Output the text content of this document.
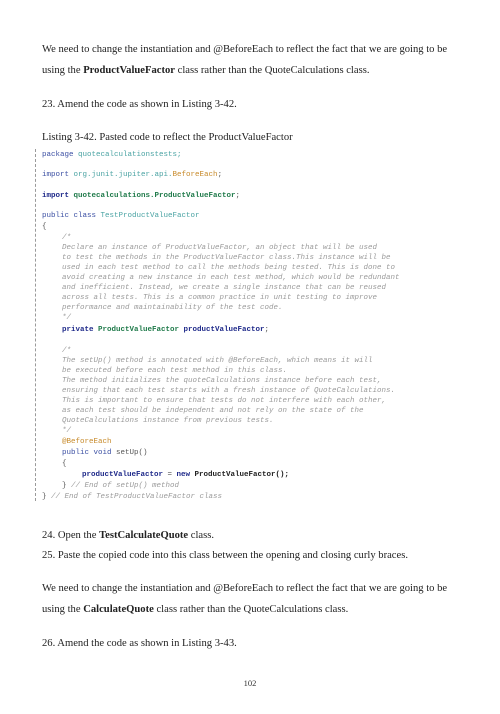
We need to change the instantiation and @BeforeEach to reflect the fact that we are going to be using the ProductValueFactor class rather than the QuoteCalculations class.

23. Amend the code as shown in Listing 3-42.

Listing 3-42. Pasted code to reflect the ProductValueFactor

package quotecalculationstests;
import org.junit.jupiter.api.BeforeEach;
import quotecalculations.ProductValueFactor;
public class TestProductValueFactor
{
/*
Declare an instance of ProductValueFactor, an object that will be used
to test the methods in the ProductValueFactor class.This instance will be
used in each test method to call the methods being tested. This is done to
avoid creating a new instance in each test method, which would be redundant
and inefficient. Instead, we create a single instance that can be reused
across all tests. This is a common practice in unit testing to improve
performance and maintainability of the test code.
*/
private ProductValueFactor productValueFactor;
/*
The setUp() method is annotated with @BeforeEach, which means it will
be executed before each test method in this class.
The method initializes the quoteCalculations instance before each test,
ensuring that each test starts with a fresh instance of QuoteCalculations.
This is important to ensure that tests do not interfere with each other,
as each test should be independent and not rely on the state of the
QuoteCalculations instance from previous tests.
*/
@BeforeEach
public void setUp()
{
productValueFactor = new ProductValueFactor();
} // End of setUp() method
} // End of TestProductValueFactor class

24. Open the TestCalculateQuote class.

25. Paste the copied code into this class between the opening and closing curly braces.

We need to change the instantiation and @BeforeEach to reflect the fact that we are going to be using the CalculateQuote class rather than the QuoteCalculations class.

26. Amend the code as shown in Listing 3-43.

102
